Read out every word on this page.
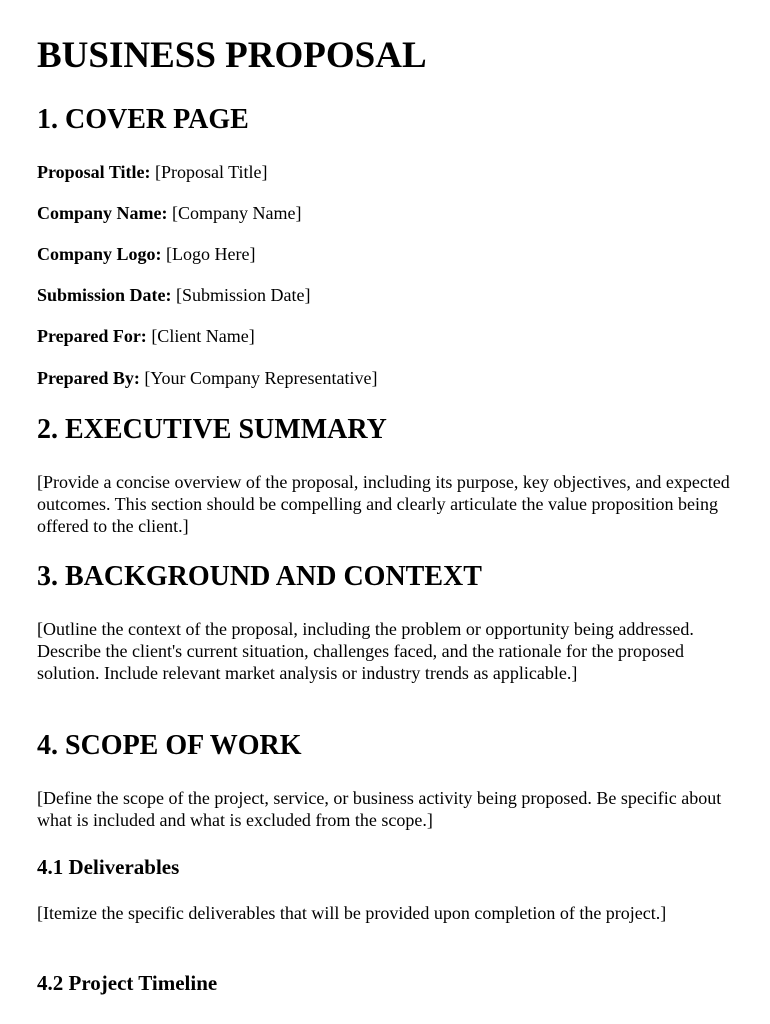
BUSINESS PROPOSAL
1. COVER PAGE
Proposal Title: [Proposal Title]
Company Name: [Company Name]
Company Logo: [Logo Here]
Submission Date: [Submission Date]
Prepared For: [Client Name]
Prepared By: [Your Company Representative]
2. EXECUTIVE SUMMARY

[Provide a concise overview of the proposal, including its purpose, key objectives, and expected outcomes. This section should be compelling and clearly articulate the value proposition being offered to the client.]

3. BACKGROUND AND CONTEXT

[Outline the context of the proposal, including the problem or opportunity being addressed. Describe the client's current situation, challenges faced, and the rationale for the proposed solution. Include relevant market analysis or industry trends as applicable.]

4. SCOPE OF WORK

[Define the scope of the project, service, or business activity being proposed. Be specific about what is included and what is excluded from the scope.]

4.1 Deliverables

[Itemize the specific deliverables that will be provided upon completion of the project.]

4.2 Project Timeline
